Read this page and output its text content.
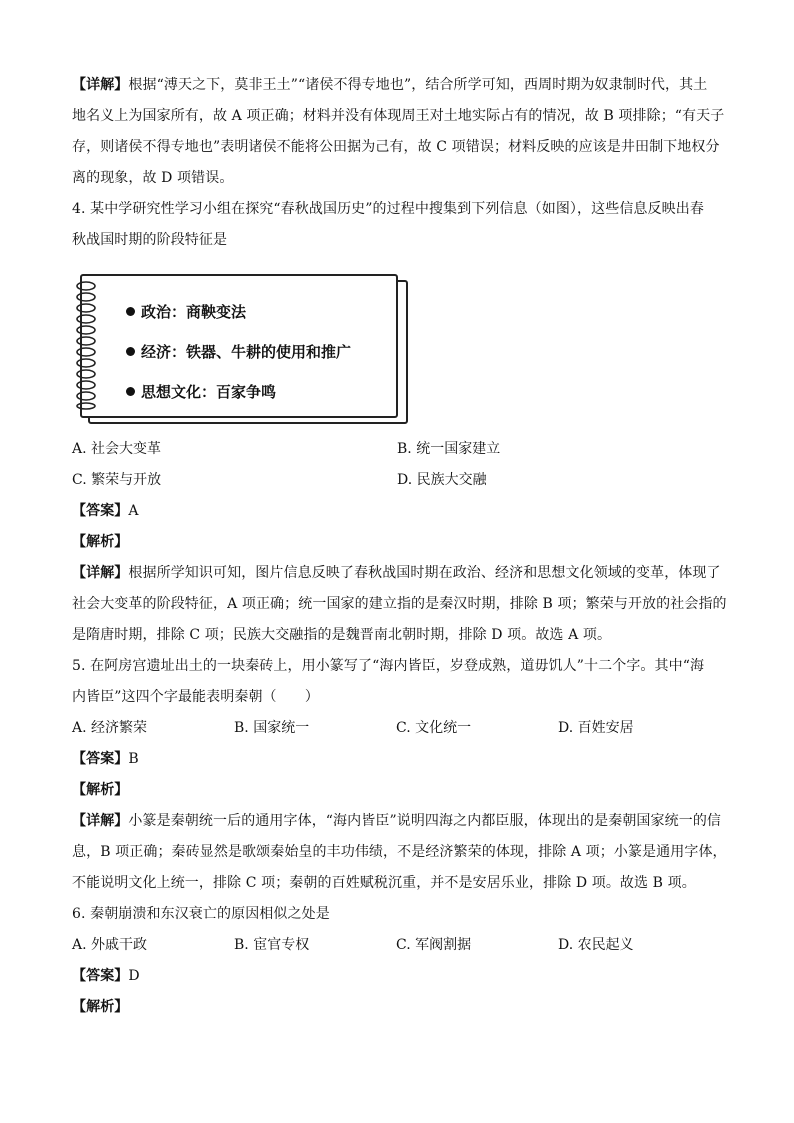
【详解】根据“溥天之下，莫非王土”“诸侯不得专地也”，结合所学可知，西周时期为奴隶制时代，其土
地名义上为国家所有，故 A 项正确；材料并没有体现周王对土地实际占有的情况，故 B 项排除；“有天子
存，则诸侯不得专地也”表明诸侯不能将公田据为己有，故 C 项错误；材料反映的应该是井田制下地权分
离的现象，故 D 项错误。
4. 某中学研究性学习小组在探究“春秋战国历史”的过程中搜集到下列信息（如图），这些信息反映出春
秋战国时期的阶段特征是
政治：商鞅变法
经济：铁器、牛耕的使用和推广
思想文化：百家争鸣
A. 社会大变革	B. 统一国家建立
C. 繁荣与开放	D. 民族大交融
【答案】A
【解析】
【详解】根据所学知识可知，图片信息反映了春秋战国时期在政治、经济和思想文化领域的变革，体现了
社会大变革的阶段特征，A 项正确；统一国家的建立指的是秦汉时期，排除 B 项；繁荣与开放的社会指的
是隋唐时期，排除 C 项；民族大交融指的是魏晋南北朝时期，排除 D 项。故选 A 项。
5. 在阿房宫遗址出土的一块秦砖上，用小篆写了“海内皆臣，岁登成熟，道毋饥人”十二个字。其中“海
内皆臣”这四个字最能表明秦朝（　　）
A. 经济繁荣	B. 国家统一	C. 文化统一	D. 百姓安居
【答案】B
【解析】
【详解】小篆是秦朝统一后的通用字体，“海内皆臣”说明四海之内都臣服，体现出的是秦朝国家统一的信
息，B 项正确；秦砖显然是歌颂秦始皇的丰功伟绩，不是经济繁荣的体现，排除 A 项；小篆是通用字体，
不能说明文化上统一，排除 C 项；秦朝的百姓赋税沉重，并不是安居乐业，排除 D 项。故选 B 项。
6. 秦朝崩溃和东汉衰亡的原因相似之处是
A. 外戚干政	B. 宦官专权	C. 军阀割据	D. 农民起义
【答案】D
【解析】
